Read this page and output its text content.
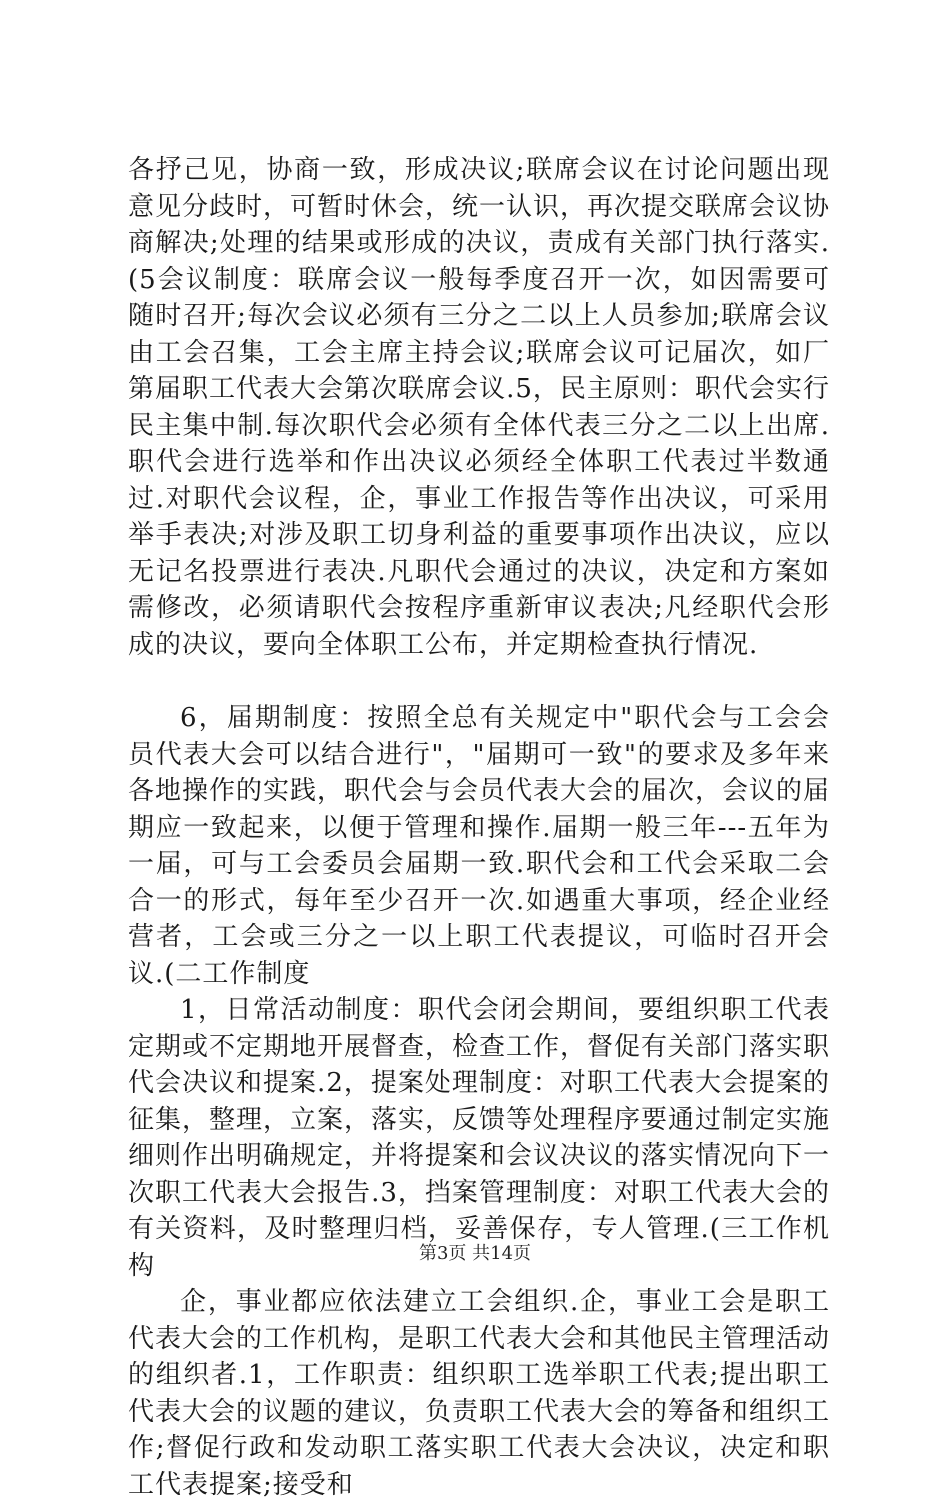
各抒己见，协商一致，形成决议;联席会议在讨论问题出现意见分歧时，可暂时休会，统一认识，再次提交联席会议协商解决;处理的结果或形成的决议，责成有关部门执行落实.(5会议制度：联席会议一般每季度召开一次，如因需要可随时召开;每次会议必须有三分之二以上人员参加;联席会议由工会召集，工会主席主持会议;联席会议可记届次，如厂第届职工代表大会第次联席会议.5，民主原则：职代会实行民主集中制.每次职代会必须有全体代表三分之二以上出席.职代会进行选举和作出决议必须经全体职工代表过半数通过.对职代会议程，企，事业工作报告等作出决议，可采用举手表决;对涉及职工切身利益的重要事项作出决议，应以无记名投票进行表决.凡职代会通过的决议，决定和方案如需修改，必须请职代会按程序重新审议表决;凡经职代会形成的决议，要向全体职工公布，并定期检查执行情况.

6，届期制度：按照全总有关规定中"职代会与工会会员代表大会可以结合进行"，"届期可一致"的要求及多年来各地操作的实践，职代会与会员代表大会的届次，会议的届期应一致起来，以便于管理和操作.届期一般三年---五年为一届，可与工会委员会届期一致.职代会和工代会采取二会合一的形式，每年至少召开一次.如遇重大事项，经企业经营者，工会或三分之一以上职工代表提议，可临时召开会议.(二工作制度

1，日常活动制度：职代会闭会期间，要组织职工代表定期或不定期地开展督查，检查工作，督促有关部门落实职代会决议和提案.2，提案处理制度：对职工代表大会提案的征集，整理，立案，落实，反馈等处理程序要通过制定实施细则作出明确规定，并将提案和会议决议的落实情况向下一次职工代表大会报告.3，挡案管理制度：对职工代表大会的有关资料，及时整理归档，妥善保存，专人管理.(三工作机构

企，事业都应依法建立工会组织.企，事业工会是职工代表大会的工作机构，是职工代表大会和其他民主管理活动的组织者.1，工作职责：组织职工选举职工代表;提出职工代表大会的议题的建议，负责职工代表大会的筹备和组织工作;督促行政和发动职工落实职工代表大会决议，决定和职工代表提案;接受和

第3页 共14页
